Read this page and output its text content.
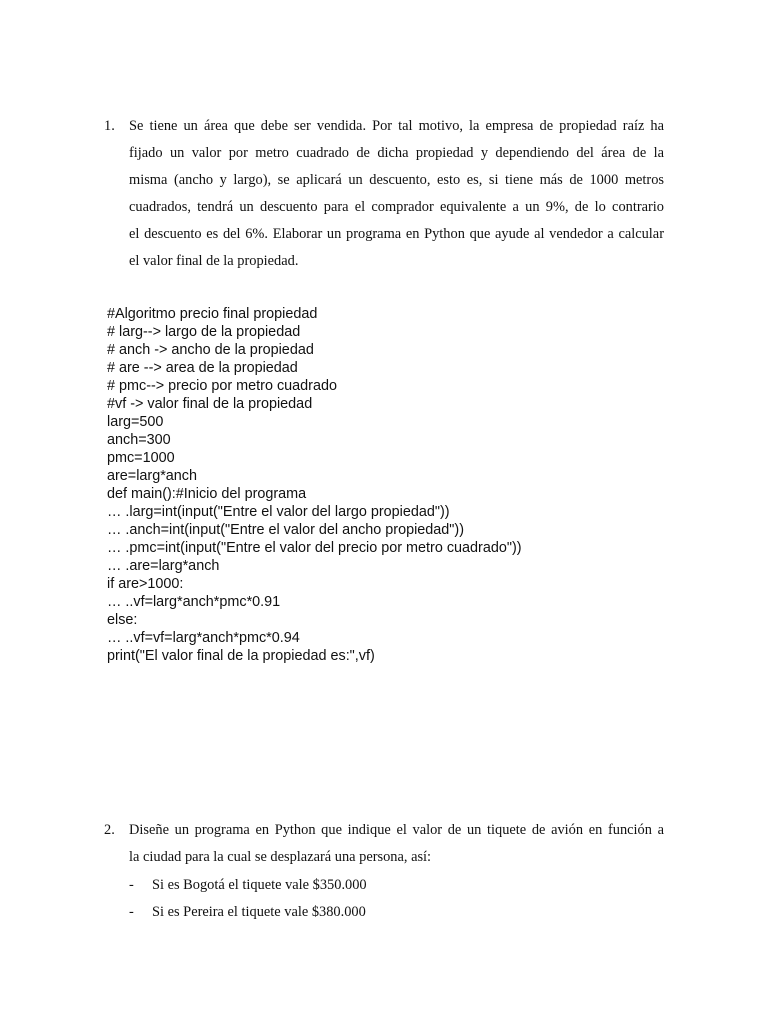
1. Se tiene un área que debe ser vendida. Por tal motivo, la empresa de propiedad raíz ha
fijado un valor por metro cuadrado de dicha propiedad y dependiendo del área de la
misma (ancho y largo), se aplicará un descuento, esto es, si tiene más de 1000 metros
cuadrados, tendrá un descuento para el comprador equivalente a un 9%, de lo contrario
el descuento es del 6%. Elaborar un programa en Python que ayude al vendedor a calcular
el valor final de la propiedad.
#Algoritmo precio final propiedad
# larg--> largo de la propiedad
# anch -> ancho de la propiedad
# are --> area de la propiedad
# pmc--> precio por metro cuadrado
#vf -> valor final de la propiedad
larg=500
anch=300
pmc=1000
are=larg*anch
def main():#Inicio del programa
… .larg=int(input("Entre el valor del largo propiedad"))
… .anch=int(input("Entre el valor del ancho propiedad"))
… .pmc=int(input("Entre el valor del precio por metro cuadrado"))
… .are=larg*anch
if are>1000:
… ..vf=larg*anch*pmc*0.91
else:
… ..vf=vf=larg*anch*pmc*0.94
print("El valor final de la propiedad es:",vf)
2. Diseñe un programa en Python que indique el valor de un tiquete de avión en función a
la ciudad para la cual se desplazará una persona, así:
- Si es Bogotá el tiquete vale $350.000
- Si es Pereira el tiquete vale $380.000
